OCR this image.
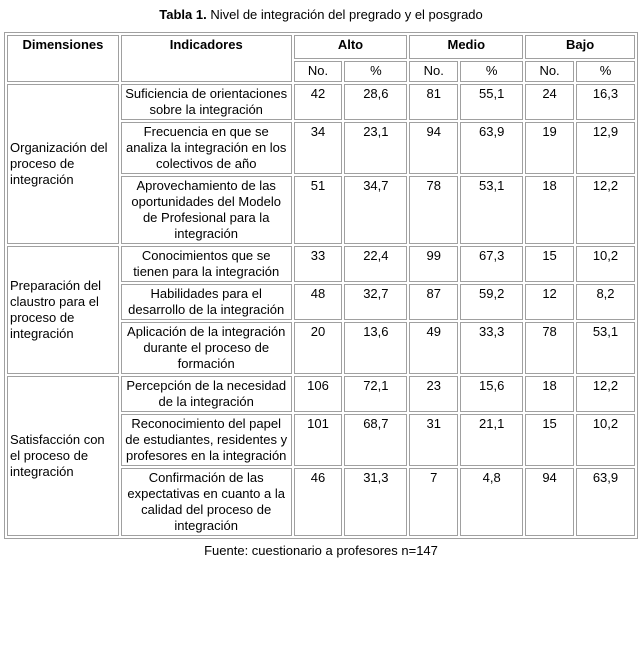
Tabla 1. Nivel de integración del pregrado y el posgrado
Dimensiones	Indicadores	Alto		Medio		Bajo	
		No.	%	No.	%	No.	%
Organización del proceso de integración	Suficiencia de orientaciones sobre la integración	42	28,6	81	55,1	24	16,3
	Frecuencia en que se analiza la integración en los colectivos de año	34	23,1	94	63,9	19	12,9
	Aprovechamiento de las oportunidades del Modelo de Profesional para la integración	51	34,7	78	53,1	18	12,2
Preparación del claustro para el proceso de integración	Conocimientos que se tienen para la integración	33	22,4	99	67,3	15	10,2
	Habilidades para el desarrollo de la integración	48	32,7	87	59,2	12	8,2
	Aplicación de la integración durante el proceso de formación	20	13,6	49	33,3	78	53,1
Satisfacción con el proceso de integración	Percepción de la necesidad de la integración	106	72,1	23	15,6	18	12,2
	Reconocimiento del papel de estudiantes, residentes y profesores en la integración	101	68,7	31	21,1	15	10,2
	Confirmación de las expectativas en cuanto a la calidad del proceso de integración	46	31,3	7	4,8	94	63,9
Fuente: cuestionario a profesores n=147
